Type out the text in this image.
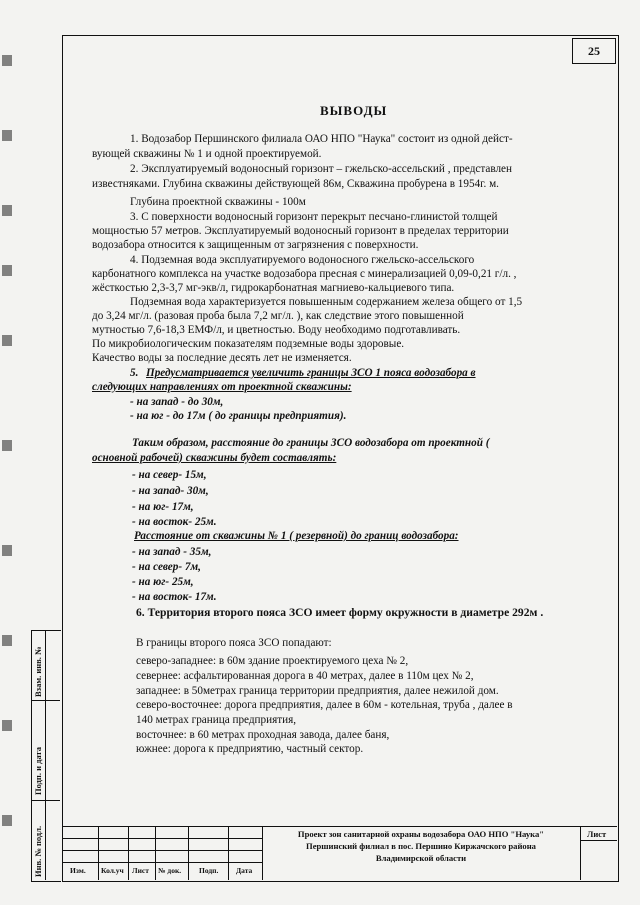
25
ВЫВОДЫ
1. Водозабор Першинского филиала ОАО НПО "Наука" состоит из одной дейст-
вующей скважины № 1 и одной проектируемой.
2. Эксплуатируемый водоносный горизонт – гжельско-ассельский , представлен
известняками. Глубина скважины действующей 86м, Скважина пробурена в 1954г. м.
Глубина проектной скважины - 100м
3. С поверхности водоносный горизонт перекрыт песчано-глинистой толщей
мощностью 57 метров. Эксплуатируемый водоносный горизонт в пределах территории
водозабора относится к защищенным от загрязнения с поверхности.
4. Подземная вода эксплуатируемого водоносного гжельско-ассельского
карбонатного комплекса на участке водозабора пресная с минерализацией 0,09-0,21 г/л. ,
жёсткостью 2,3-3,7 мг-экв/л, гидрокарбонатная магниево-кальциевого типа.
Подземная вода характеризуется повышенным содержанием железа общего от 1,5
до 3,24 мг/л. (разовая проба была 7,2 мг/л. ), как следствие этого повышенной
мутностью 7,6-18,3 ЕМФ/л, и цветностью. Воду необходимо подготавливать.
По микробиологическим показателям подземные воды здоровые.
Качество воды за последние десять лет не изменяется.
5. Предусматривается увеличить границы ЗСО 1 пояса водозабора в
следующих направлениях от проектной скважины:
- на запад - до 30м,
- на юг - до 17м ( до границы предприятия).
Таким образом, расстояние до границы ЗСО водозабора от проектной (
основной рабочей) скважины будет составлять:
- на север- 15м,
- на запад- 30м,
- на юг- 17м,
- на восток- 25м.
Расстояние от скважины № 1 ( резервной) до границ водозабора:
- на запад - 35м,
- на север- 7м,
- на юг- 25м,
- на восток- 17м.
6. Территория второго пояса ЗСО имеет форму окружности в диаметре 292м .
В границы второго пояса ЗСО попадают:
северо-западнее: в 60м здание проектируемого цеха № 2,
севернее: асфальтированная дорога в 40 метрах, далее в 110м цех № 2,
западнее: в 50метрах граница территории предприятия, далее нежилой дом.
северо-восточнее: дорога предприятия, далее в 60м - котельная, труба , далее в
140 метрах граница предприятия,
восточнее: в 60 метрах проходная завода, далее баня,
южнее: дорога к предприятию, частный сектор.
Взам. инв. №
Подп. и дата
Инв. № подл.	Изм. Кол.уч Лист № док. Подп. Дата
Проект зон санитарной охраны водозабора ОАО НПО "Наука"
Першинский филиал в пос. Першино Киржачского района
Владимирской области
Лист
